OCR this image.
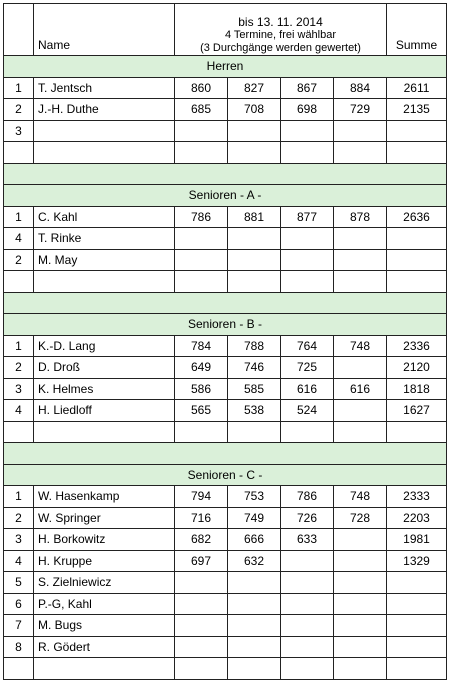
	Name	bis 13. 11. 2014
4 Termine, frei wählbar
(3 Durchgänge werden gewertet)				Summe
Herren						
1	T. Jentsch	860	827	867	884	2611
2	J.-H. Duthe	685	708	698	729	2135
3						

Senioren - A -						
1	C. Kahl	786	881	877	878	2636
4	T. Rinke					
2	M. May					

Senioren - B -						
1	K.-D. Lang	784	788	764	748	2336
2	D. Droß	649	746	725		2120
3	K. Helmes	586	585	616	616	1818
4	H. Liedloff	565	538	524		1627

Senioren - C -						
1	W. Hasenkamp	794	753	786	748	2333
2	W. Springer	716	749	726	728	2203
3	H. Borkowitz	682	666	633		1981
4	H. Kruppe	697	632			1329
5	S. Zielniewicz					
6	P.-G, Kahl					
7	M. Bugs					
8	R. Gödert					
